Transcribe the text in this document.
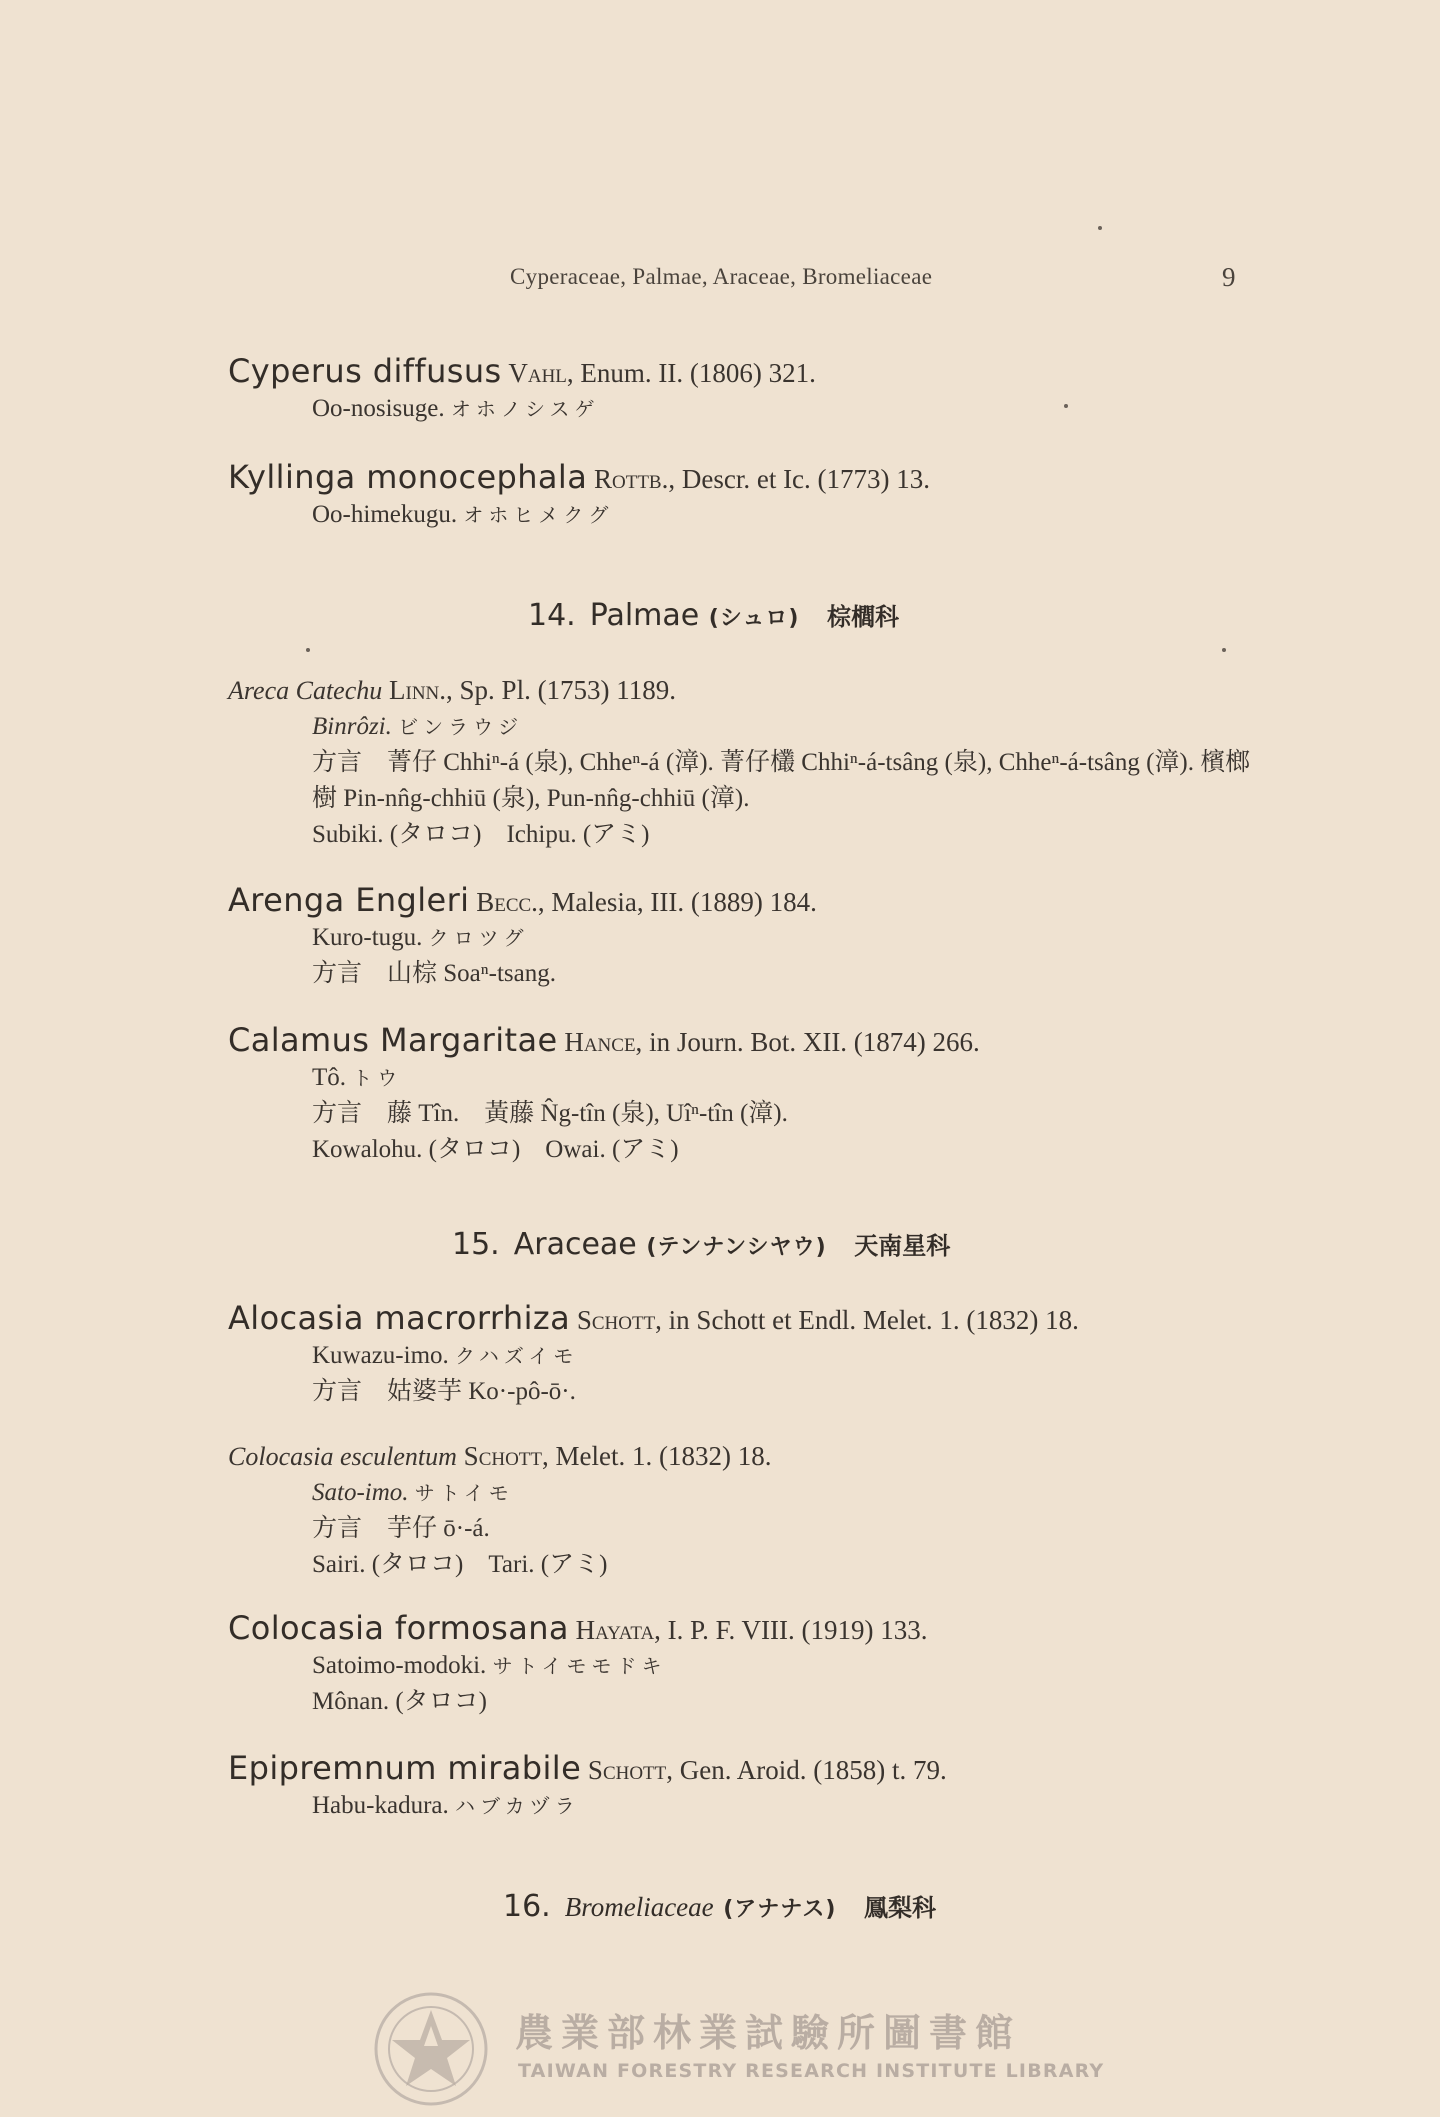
Cyperaceae, Palmae, Araceae, Bromeliaceae	9
Cyperus diffusus Vahl, Enum. II. (1806) 321.
Oo-nosisuge. オホノシスゲ
Kyllinga monocephala Rottb., Descr. et Ic. (1773) 13.
Oo-himekugu. オホヒメクグ
14. Palmae (シュロ) 棕櫚科
Areca Catechu Linn., Sp. Pl. (1753) 1189.
Binrôzi. ビンラウジ
方言　菁仔 Chhiⁿ-á (泉), Chheⁿ-á (漳). 菁仔欉 Chhiⁿ-á-tsâng (泉), Chheⁿ-á-tsâng (漳). 檳榔樹 Pin-nn̂g-chhiū (泉), Pun-nn̂g-chhiū (漳).
Subiki. (タロコ)　Ichipu. (アミ)
Arenga Engleri Becc., Malesia, III. (1889) 184.
Kuro-tugu. クロツグ
方言　山棕 Soaⁿ-tsang.
Calamus Margaritae Hance, in Journ. Bot. XII. (1874) 266.
Tô. トウ
方言　藤 Tîn.　黃藤 N̂g-tîn (泉), Uîⁿ-tîn (漳).
Kowalohu. (タロコ)　Owai. (アミ)
15. Araceae (テンナンシヤウ) 天南星科
Alocasia macrorrhiza Schott, in Schott et Endl. Melet. 1. (1832) 18.
Kuwazu-imo. クハズイモ
方言　姑婆芋 Ko·-pô-ō·.
Colocasia esculentum Schott, Melet. 1. (1832) 18.
Sato-imo. サトイモ
方言　芋仔 ō·-á.
Sairi. (タロコ)　Tari. (アミ)
Colocasia formosana Hayata, I. P. F. VIII. (1919) 133.
Satoimo-modoki. サトイモモドキ
Mônan. (タロコ)
Epipremnum mirabile Schott, Gen. Aroid. (1858) t. 79.
Habu-kadura. ハブカヅラ
16. Bromeliaceae (アナナス) 鳳梨科
農業部林業試驗所圖書館
TAIWAN FORESTRY RESEARCH INSTITUTE LIBRARY
